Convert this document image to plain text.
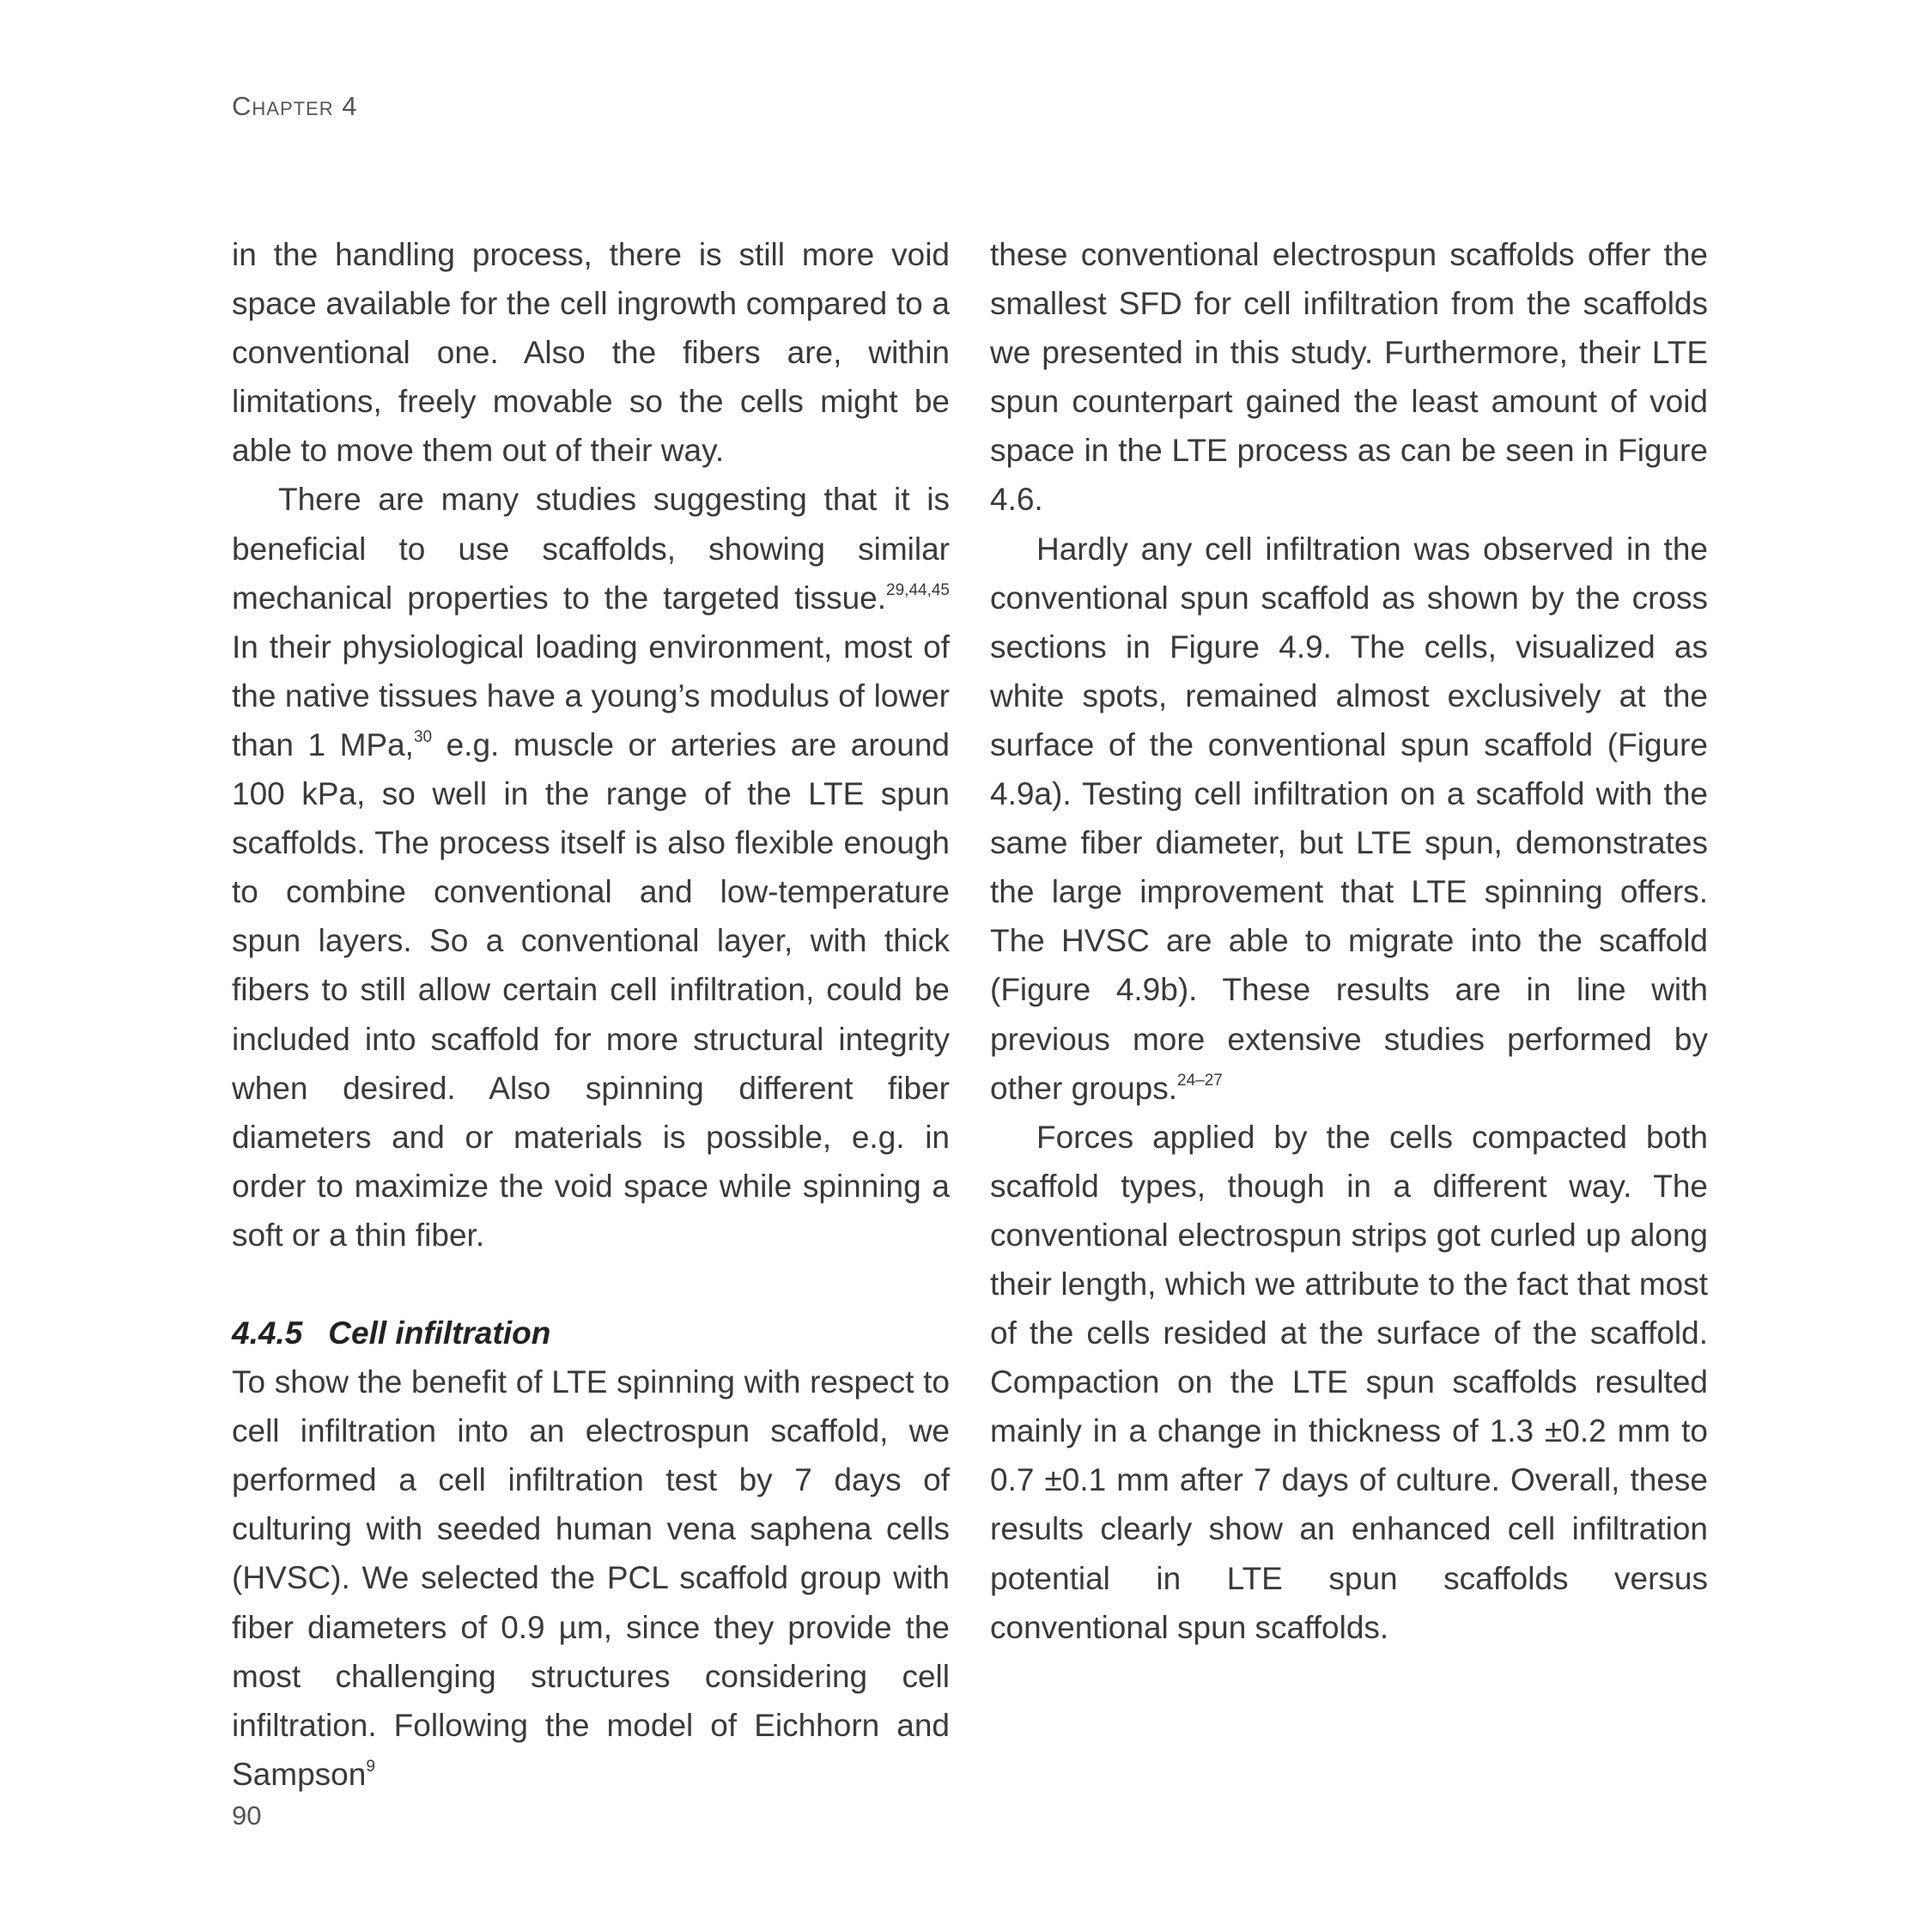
Chapter 4

in the handling process, there is still more void space available for the cell ingrowth compared to a conventional one. Also the fibers are, within limitations, freely movable so the cells might be able to move them out of their way.

There are many studies suggesting that it is beneficial to use scaffolds, showing similar mechanical properties to the targeted tissue.$^{29,44,45}$ In their physiological loading environment, most of the native tissues have a young’s modulus of lower than 1 MPa,$^{30}$ e.g. muscle or arteries are around 100 kPa, so well in the range of the LTE spun scaffolds. The process itself is also flexible enough to combine conventional and low-temperature spun layers. So a conventional layer, with thick fibers to still allow certain cell infiltration, could be included into scaffold for more structural integrity when desired. Also spinning different fiber diameters and or materials is possible, e.g. in order to maximize the void space while spinning a soft or a thin fiber.

4.4.5 Cell infiltration

To show the benefit of LTE spinning with respect to cell infiltration into an electrospun scaffold, we performed a cell infiltration test by 7 days of culturing with seeded human vena saphena cells (HVSC). We selected the PCL scaffold group with fiber diameters of 0.9 µm, since they provide the most challenging structures considering cell infiltration. Following the model of Eichhorn and Sampson$^9$

these conventional electrospun scaffolds offer the smallest SFD for cell infiltration from the scaffolds we presented in this study. Furthermore, their LTE spun counterpart gained the least amount of void space in the LTE process as can be seen in Figure 4.6.

Hardly any cell infiltration was observed in the conventional spun scaffold as shown by the cross sections in Figure 4.9. The cells, visualized as white spots, remained almost exclusively at the surface of the conventional spun scaffold (Figure 4.9a). Testing cell infiltration on a scaffold with the same fiber diameter, but LTE spun, demonstrates the large improvement that LTE spinning offers. The HVSC are able to migrate into the scaffold (Figure 4.9b). These results are in line with previous more extensive studies performed by other groups.$^{24-27}$

Forces applied by the cells compacted both scaffold types, though in a different way. The conventional electrospun strips got curled up along their length, which we attribute to the fact that most of the cells resided at the surface of the scaffold. Compaction on the LTE spun scaffolds resulted mainly in a change in thickness of 1.3 ±0.2 mm to 0.7 ±0.1 mm after 7 days of culture. Overall, these results clearly show an enhanced cell infiltration potential in LTE spun scaffolds versus conventional spun scaffolds.

90
